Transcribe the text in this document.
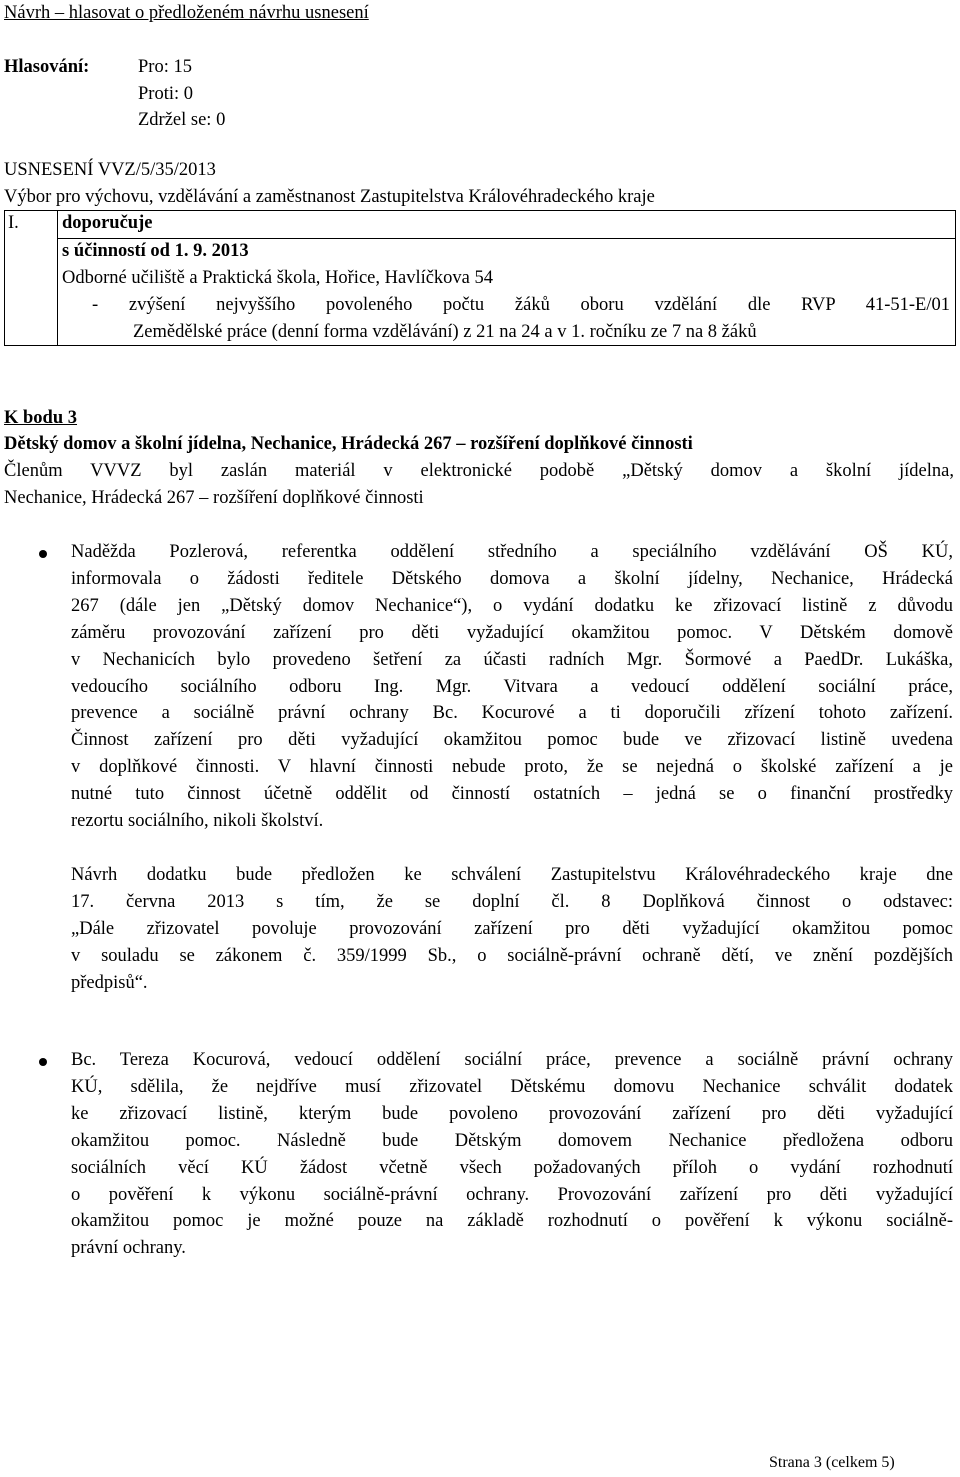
Návrh – hlasovat o předloženém návrhu usnesení
Hlasování:	Pro: 15
Proti: 0
Zdržel se: 0
USNESENÍ VVZ/5/35/2013
Výbor pro výchovu, vzdělávání a zaměstnanost Zastupitelstva Královéhradeckého kraje
I. doporučuje
s účinností od 1. 9. 2013
Odborné učiliště a Praktická škola, Hořice, Havlíčkova 54
- zvýšení nejvyššího povoleného počtu žáků oboru vzdělání dle RVP 41-51-E/01
Zemědělské práce (denní forma vzdělávání) z 21 na 24 a v 1. ročníku ze 7 na 8 žáků
K bodu 3
Dětský domov a školní jídelna, Nechanice, Hrádecká 267 – rozšíření doplňkové činnosti
Členům VVVZ byl zaslán materiál v elektronické podobě „Dětský domov a školní jídelna,
Nechanice, Hrádecká 267 – rozšíření doplňkové činnosti
Naděžda Pozlerová, referentka oddělení středního a speciálního vzdělávání OŠ KÚ,
informovala o žádosti ředitele Dětského domova a školní jídelny, Nechanice, Hrádecká
267 (dále jen „Dětský domov Nechanice“), o vydání dodatku ke zřizovací listině z důvodu
záměru provozování zařízení pro děti vyžadující okamžitou pomoc. V Dětském domově
v Nechanicích bylo provedeno šetření za účasti radních Mgr. Šormové a PaedDr. Lukáška,
vedoucího sociálního odboru Ing. Mgr. Vitvara a vedoucí oddělení sociální práce,
prevence a sociálně právní ochrany Bc. Kocurové a ti doporučili zřízení tohoto zařízení.
Činnost zařízení pro děti vyžadující okamžitou pomoc bude ve zřizovací listině uvedena
v doplňkové činnosti. V hlavní činnosti nebude proto, že se nejedná o školské zařízení a je
nutné tuto činnost účetně oddělit od činností ostatních – jedná se o finanční prostředky
rezortu sociálního, nikoli školství.
Návrh dodatku bude předložen ke schválení Zastupitelstvu Královéhradeckého kraje dne
17. června 2013 s tím, že se doplní čl. 8 Doplňková činnost o odstavec:
„Dále zřizovatel povoluje provozování zařízení pro děti vyžadující okamžitou pomoc
v souladu se zákonem č. 359/1999 Sb., o sociálně-právní ochraně dětí, ve znění pozdějších
předpisů“.
Bc. Tereza Kocurová, vedoucí oddělení sociální práce, prevence a sociálně právní ochrany
KÚ, sdělila, že nejdříve musí zřizovatel Dětskému domovu Nechanice schválit dodatek
ke zřizovací listině, kterým bude povoleno provozování zařízení pro děti vyžadující
okamžitou pomoc. Následně bude Dětským domovem Nechanice předložena odboru
sociálních věcí KÚ žádost včetně všech požadovaných příloh o vydání rozhodnutí
o pověření k výkonu sociálně-právní ochrany. Provozování zařízení pro děti vyžadující
okamžitou pomoc je možné pouze na základě rozhodnutí o pověření k výkonu sociálně-
právní ochrany.
Strana 3 (celkem 5)
